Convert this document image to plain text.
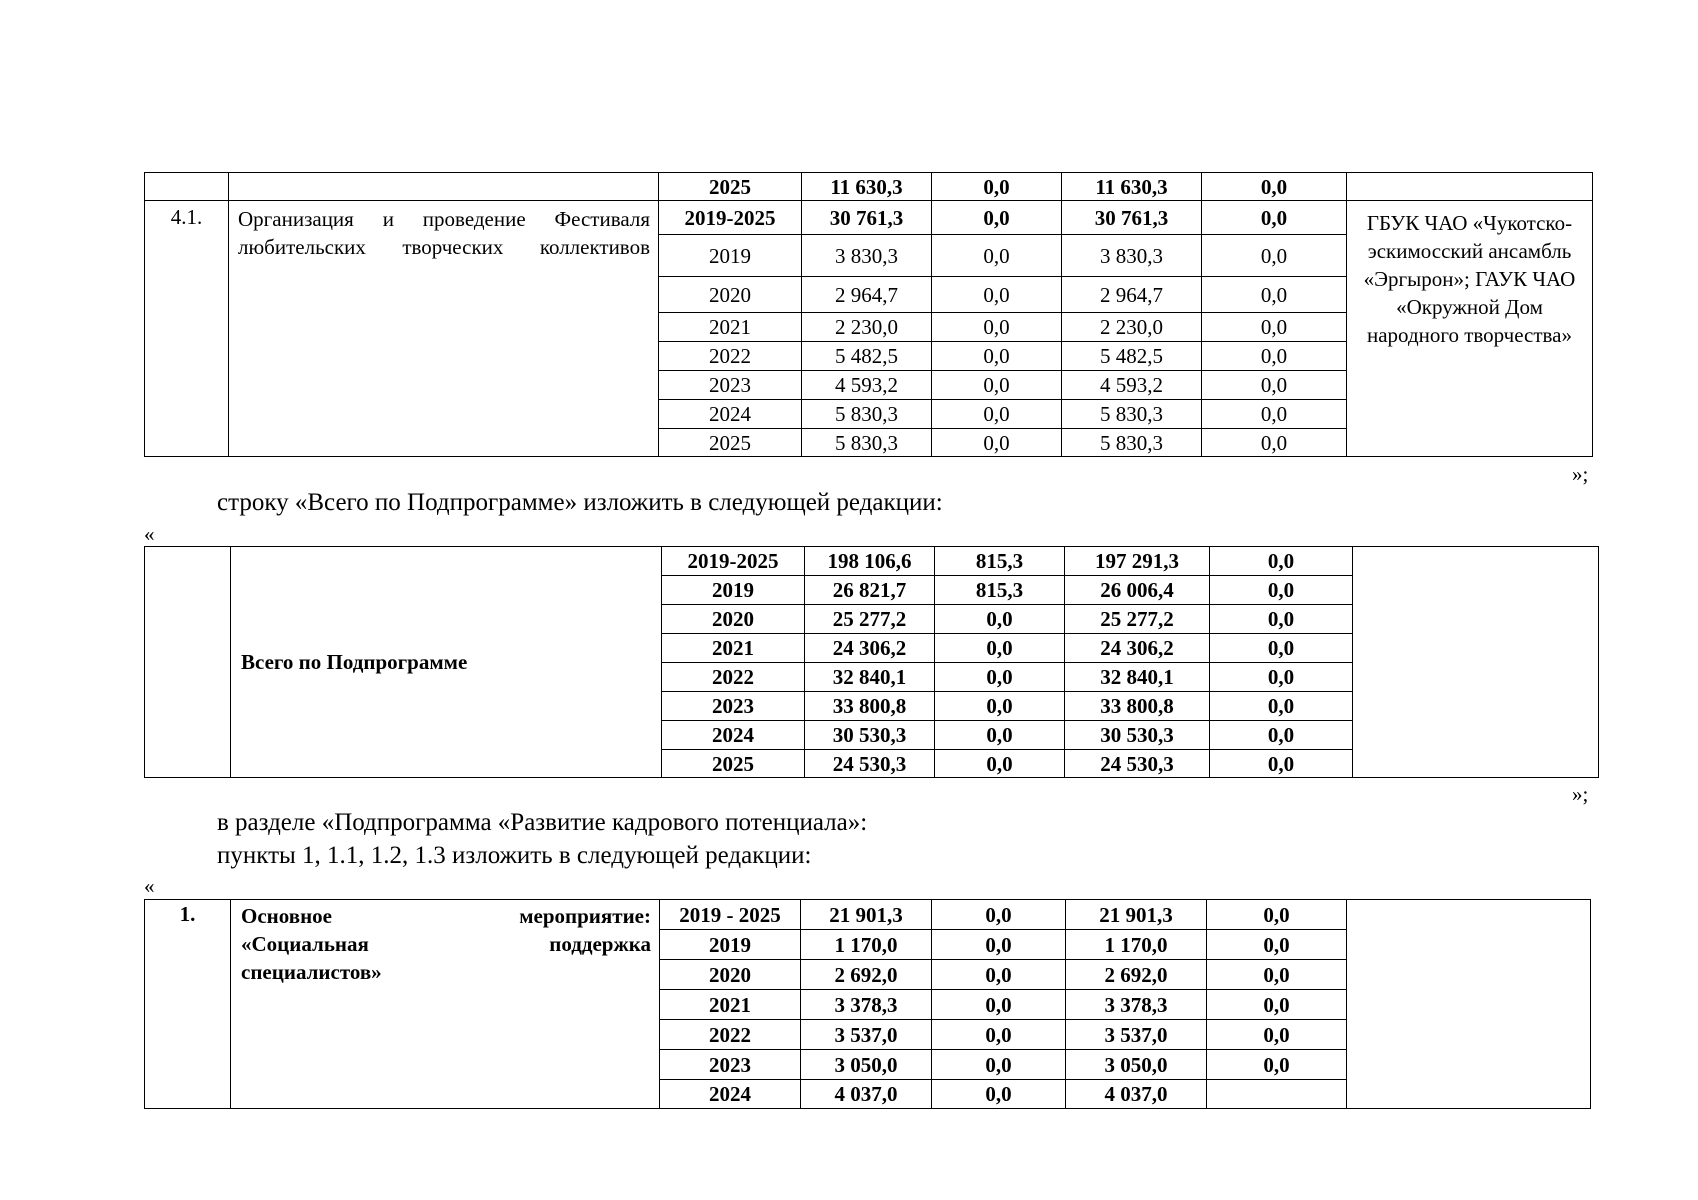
		2025	11 630,3	0,0	11 630,3	0,0	
4.1.	Организация и проведение Фестиваля любительских творческих коллективов	2019-2025	30 761,3	0,0	30 761,3	0,0	ГБУК ЧАО «Чукотско-эскимосский ансамбль «Эргырон»; ГАУК ЧАО «Окружной Дом народного творчества»
		2019	3 830,3	0,0	3 830,3	0,0	
		2020	2 964,7	0,0	2 964,7	0,0	
		2021	2 230,0	0,0	2 230,0	0,0	
		2022	5 482,5	0,0	5 482,5	0,0	
		2023	4 593,2	0,0	4 593,2	0,0	
		2024	5 830,3	0,0	5 830,3	0,0	
		2025	5 830,3	0,0	5 830,3	0,0	
»;
строку «Всего по Подпрограмме» изложить в следующей редакции:
«
	Всего по Подпрограмме	2019-2025	198 106,6	815,3	197 291,3	0,0	
		2019	26 821,7	815,3	26 006,4	0,0	
		2020	25 277,2	0,0	25 277,2	0,0	
		2021	24 306,2	0,0	24 306,2	0,0	
		2022	32 840,1	0,0	32 840,1	0,0	
		2023	33 800,8	0,0	33 800,8	0,0	
		2024	30 530,3	0,0	30 530,3	0,0	
		2025	24 530,3	0,0	24 530,3	0,0	
»;
в разделе «Подпрограмма «Развитие кадрового потенциала»:
пункты 1, 1.1, 1.2, 1.3 изложить в следующей редакции:
«
1.	Основное мероприятие:
«Социальная поддержка
специалистов»	2019 - 2025	21 901,3	0,0	21 901,3	0,0	
		2019	1 170,0	0,0	1 170,0	0,0	
		2020	2 692,0	0,0	2 692,0	0,0	
		2021	3 378,3	0,0	3 378,3	0,0	
		2022	3 537,0	0,0	3 537,0	0,0	
		2023	3 050,0	0,0	3 050,0	0,0	
		2024	4 037,0	0,0	4 037,0		
